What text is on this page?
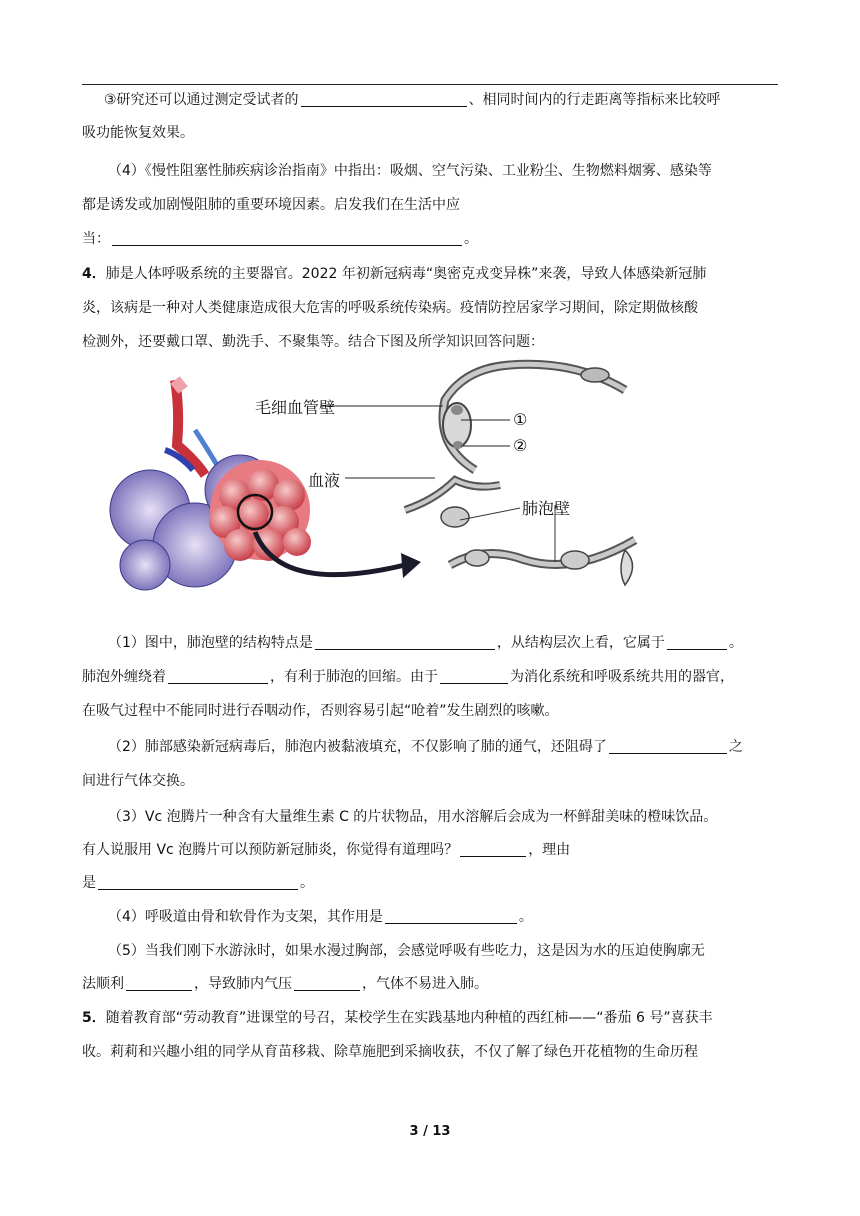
③研究还可以通过测定受试者的	、相同时间内的行走距离等指标来比较呼
吸功能恢复效果。
（4）《慢性阻塞性肺疾病诊治指南》中指出：吸烟、空气污染、工业粉尘、生物燃料烟雾、感染等
都是诱发或加剧慢阻肺的重要环境因素。启发我们在生活中应
当：	。
4．肺是人体呼吸系统的主要器官。2022 年初新冠病毒“奥密克戎变异株”来袭，导致人体感染新冠肺
炎，该病是一种对人类健康造成很大危害的呼吸系统传染病。疫情防控居家学习期间，除定期做核酸
检测外，还要戴口罩、勤洗手、不聚集等。结合下图及所学知识回答问题：
毛细血管壁
①
②
血液
肺泡壁
（1）图中，肺泡壁的结构特点是	，从结构层次上看，它属于	。
肺泡外缠绕着	，有利于肺泡的回缩。由于	为消化系统和呼吸系统共用的器官，
在吸气过程中不能同时进行吞咽动作，否则容易引起“呛着”发生剧烈的咳嗽。
（2）肺部感染新冠病毒后，肺泡内被黏液填充，不仅影响了肺的通气，还阻碍了	之
间进行气体交换。
（3）Vc 泡腾片一种含有大量维生素 C 的片状物品，用水溶解后会成为一杯鲜甜美味的橙味饮品。
有人说服用 Vc 泡腾片可以预防新冠肺炎，你觉得有道理吗？	，理由
是	。
（4）呼吸道由骨和软骨作为支架，其作用是	。
（5）当我们刚下水游泳时，如果水漫过胸部，会感觉呼吸有些吃力，这是因为水的压迫使胸廓无
法顺利	，导致肺内气压	，气体不易进入肺。
5．随着教育部“劳动教育”进课堂的号召，某校学生在实践基地内种植的西红柿——“番茄 6 号”喜获丰
收。莉莉和兴趣小组的同学从育苗移栽、除草施肥到采摘收获，不仅了解了绿色开花植物的生命历程
3 / 13
